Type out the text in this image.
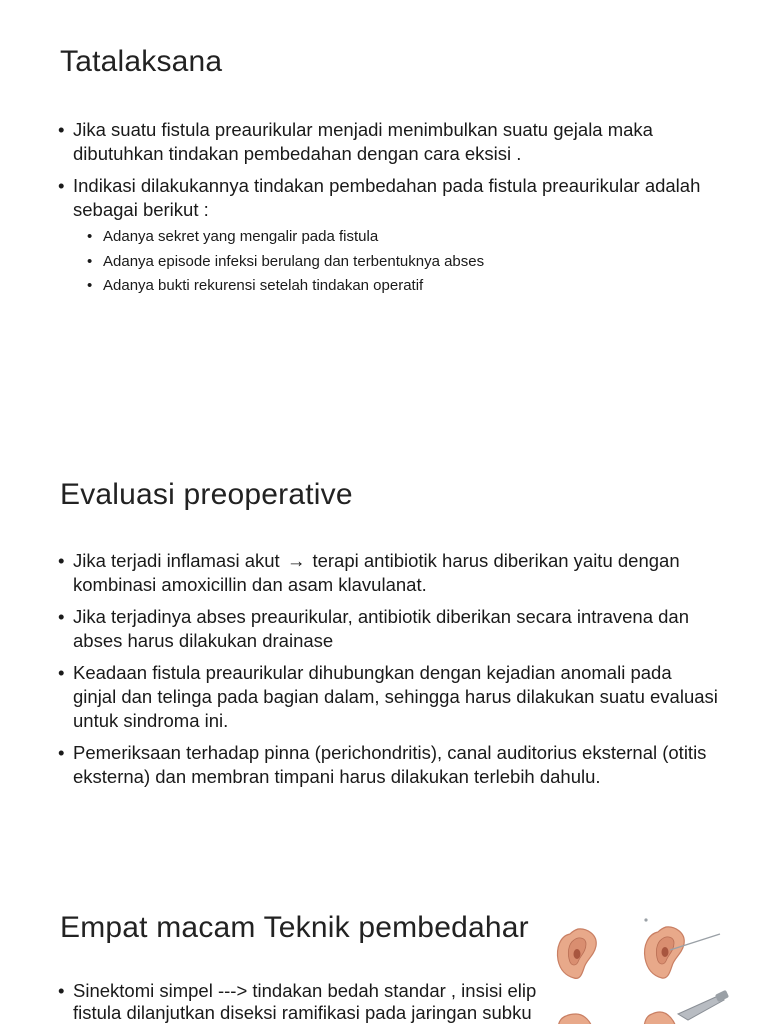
Tatalaksana
• Jika suatu fistula preaurikular menjadi menimbulkan suatu gejala maka dibutuhkan tindakan pembedahan dengan cara eksisi .
• Indikasi dilakukannya tindakan pembedahan pada fistula preaurikular adalah sebagai berikut :
• Adanya sekret yang mengalir pada fistula
• Adanya episode infeksi berulang dan terbentuknya abses
• Adanya bukti rekurensi setelah tindakan operatif
Evaluasi preoperative
• Jika terjadi inflamasi akut → terapi antibiotik harus diberikan yaitu dengan kombinasi amoxicillin dan asam klavulanat.
• Jika terjadinya abses preaurikular, antibiotik diberikan secara intravena dan abses harus dilakukan drainase
• Keadaan fistula preaurikular dihubungkan dengan kejadian anomali pada ginjal dan telinga pada bagian dalam, sehingga harus dilakukan suatu evaluasi untuk sindroma ini.
• Pemeriksaan terhadap pinna (perichondritis), canal auditorius eksternal (otitis eksterna) dan membran timpani harus dilakukan terlebih dahulu.
Empat macam Teknik pembedahar
• Sinektomi simpel ---> tindakan bedah standar , insisi elip
fistula dilanjutkan diseksi ramifikasi pada jaringan subku
